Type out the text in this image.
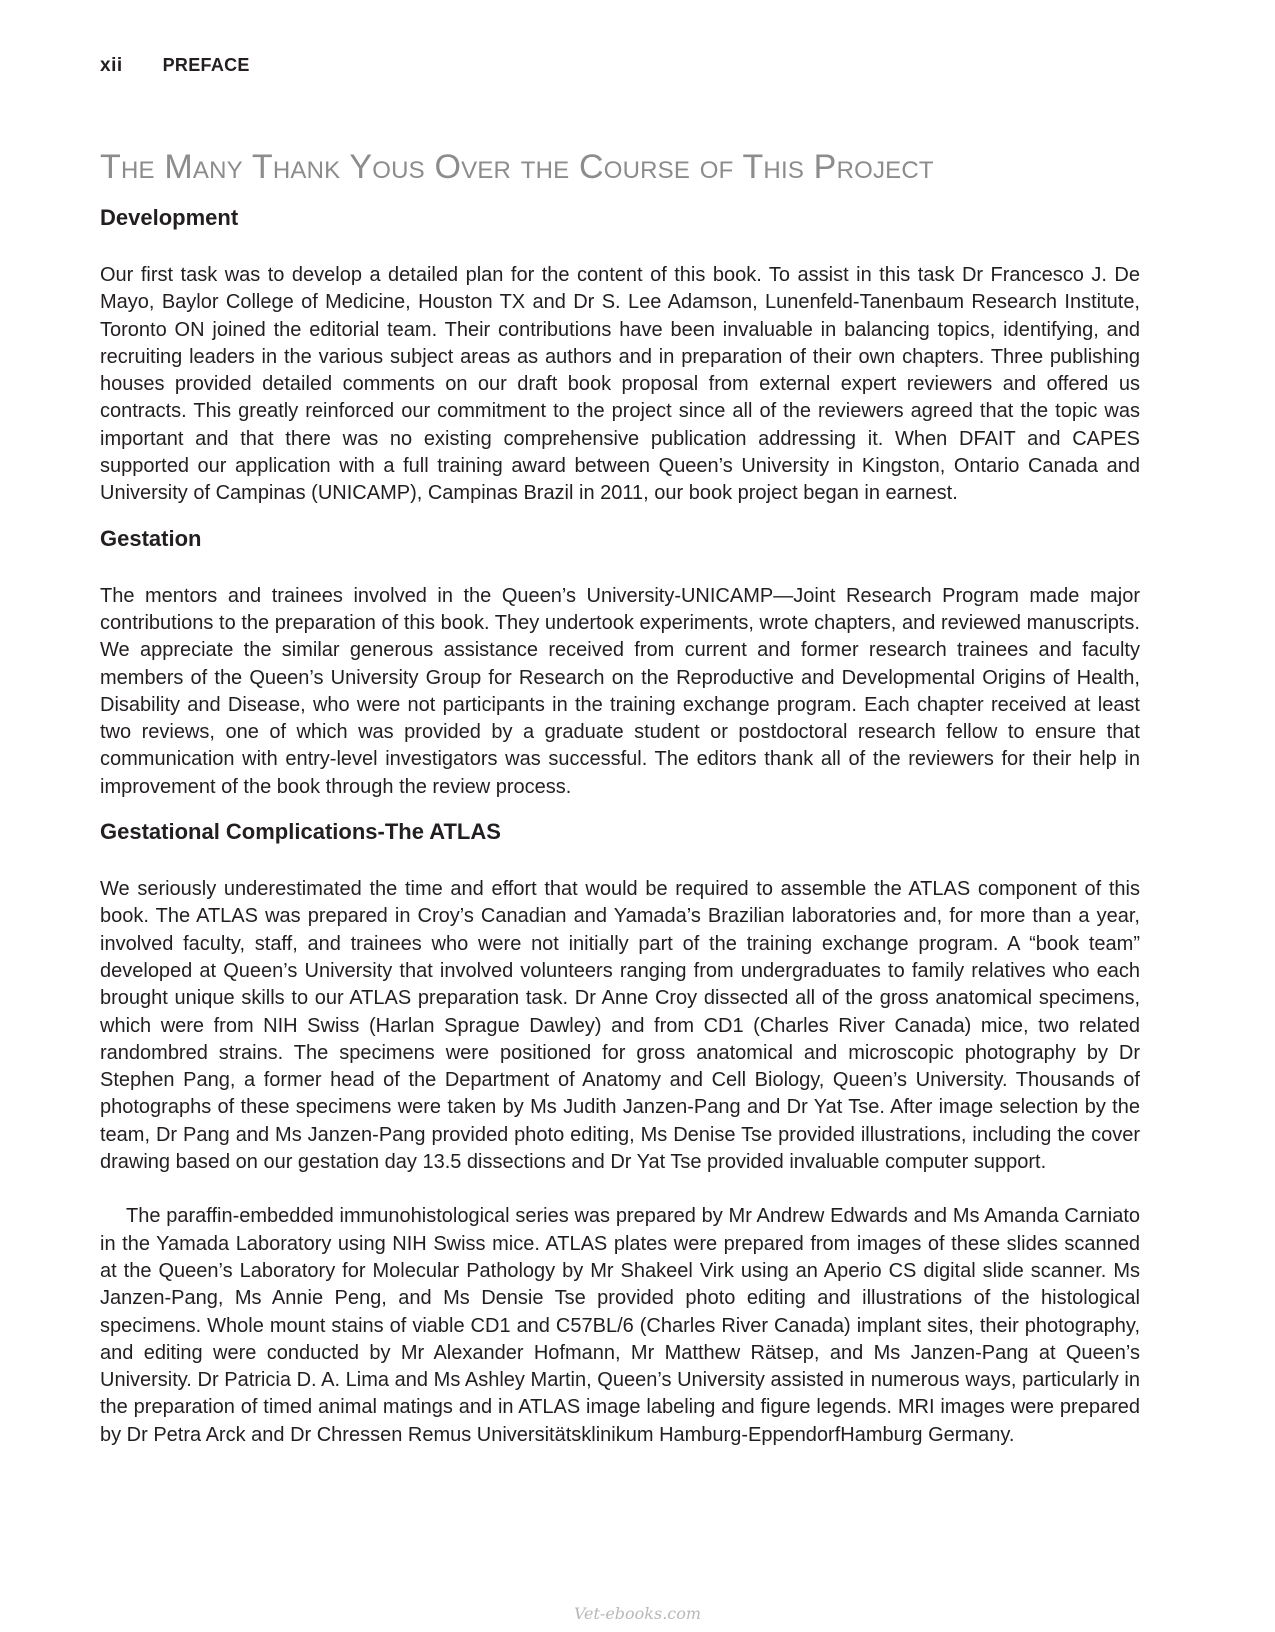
xii PREFACE
The Many Thank Yous Over the Course of This Project
Development

Our first task was to develop a detailed plan for the content of this book. To assist in this task Dr Francesco J. De Mayo, Baylor College of Medicine, Houston TX and Dr S. Lee Adamson, Lunenfeld-Tanenbaum Research Institute, Toronto ON joined the editorial team. Their contributions have been invaluable in balancing topics, identifying, and recruiting leaders in the various subject areas as authors and in preparation of their own chapters. Three publishing houses provided detailed comments on our draft book proposal from external expert reviewers and offered us contracts. This greatly reinforced our commitment to the project since all of the reviewers agreed that the topic was important and that there was no existing comprehensive publication addressing it. When DFAIT and CAPES supported our application with a full training award between Queen’s University in Kingston, Ontario Canada and University of Campinas (UNICAMP), Campinas Brazil in 2011, our book project began in earnest.

Gestation

The mentors and trainees involved in the Queen’s University-UNICAMP—Joint Research Program made major contributions to the preparation of this book. They undertook experiments, wrote chapters, and reviewed manuscripts. We appreciate the similar generous assistance received from current and former research trainees and faculty members of the Queen’s University Group for Research on the Reproductive and Developmental Origins of Health, Disability and Disease, who were not participants in the training exchange program. Each chapter received at least two reviews, one of which was provided by a graduate student or postdoctoral research fellow to ensure that communication with entry-level investigators was successful. The editors thank all of the reviewers for their help in improvement of the book through the review process.

Gestational Complications-The ATLAS

We seriously underestimated the time and effort that would be required to assemble the ATLAS component of this book. The ATLAS was prepared in Croy’s Canadian and Yamada’s Brazilian laboratories and, for more than a year, involved faculty, staff, and trainees who were not initially part of the training exchange program. A “book team” developed at Queen’s University that involved volunteers ranging from undergraduates to family relatives who each brought unique skills to our ATLAS preparation task. Dr Anne Croy dissected all of the gross anatomical specimens, which were from NIH Swiss (Harlan Sprague Dawley) and from CD1 (Charles River Canada) mice, two related randombred strains. The specimens were positioned for gross anatomical and microscopic photography by Dr Stephen Pang, a former head of the Department of Anatomy and Cell Biology, Queen’s University. Thousands of photographs of these specimens were taken by Ms Judith Janzen-Pang and Dr Yat Tse. After image selection by the team, Dr Pang and Ms Janzen-Pang provided photo editing, Ms Denise Tse provided illustrations, including the cover drawing based on our gestation day 13.5 dissections and Dr Yat Tse provided invaluable computer support.

The paraffin-embedded immunohistological series was prepared by Mr Andrew Edwards and Ms Amanda Carniato in the Yamada Laboratory using NIH Swiss mice. ATLAS plates were prepared from images of these slides scanned at the Queen’s Laboratory for Molecular Pathology by Mr Shakeel Virk using an Aperio CS digital slide scanner. Ms Janzen-Pang, Ms Annie Peng, and Ms Densie Tse provided photo editing and illustrations of the histological specimens. Whole mount stains of viable CD1 and C57BL/6 (Charles River Canada) implant sites, their photography, and editing were conducted by Mr Alexander Hofmann, Mr Matthew Rätsep, and Ms Janzen-Pang at Queen’s University. Dr Patricia D. A. Lima and Ms Ashley Martin, Queen’s University assisted in numerous ways, particularly in the preparation of timed animal matings and in ATLAS image labeling and figure legends. MRI images were prepared by Dr Petra Arck and Dr Chressen Remus Universitätsklinikum Hamburg-EppendorfHamburg Germany.

Vet-ebooks.com
